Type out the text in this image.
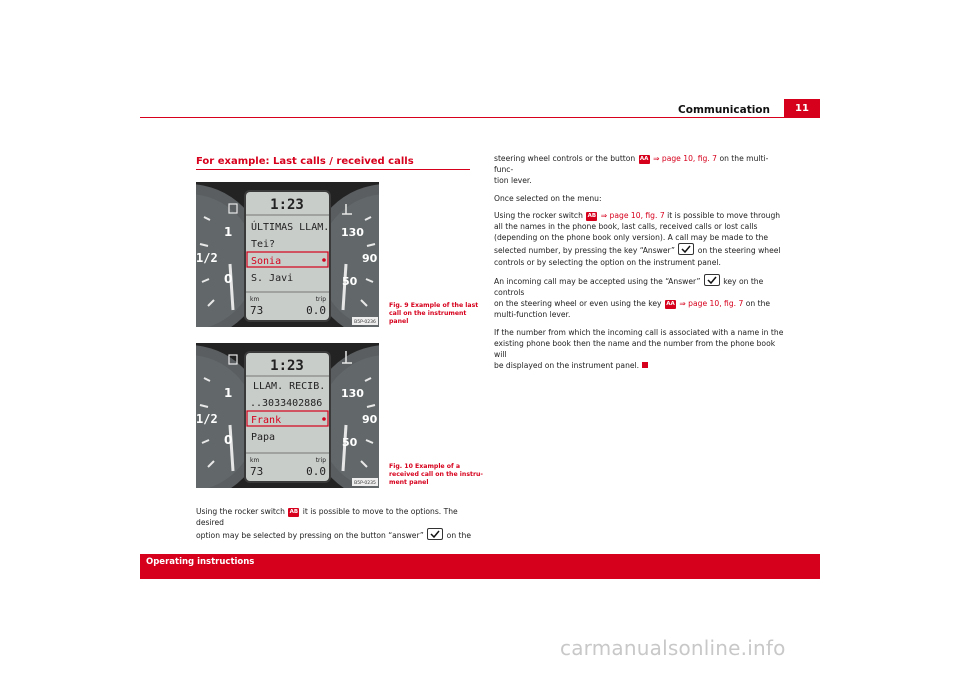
Communication	11
For example: Last calls / received calls
1/2
1
0
130
90
50
1:23
ÚLTIMAS LLAM.
Tei?
Sonia
S. Javi
km	trip
73	0.0
B5P-0236
Fig. 9 Example of the last
call on the instrument
panel
1/2
1
0
130
90
50
1:23
LLAM. RECIB.
..3033402886
Frank
Papa
km	trip
73	0.0
B5P-0235
Fig. 10 Example of a
received call on the instru-
ment panel
Using the rocker switch AB it is possible to move to the options. The desired
option may be selected by pressing on the button “answer”	on the
steering wheel controls or the button AA ⇒ page 10, fig. 7 on the multi-func-
tion lever.
Once selected on the menu:
Using the rocker switch AB ⇒ page 10, fig. 7 it is possible to move through
all the names in the phone book, last calls, received calls or lost calls
(depending on the phone book only version). A call may be made to the
selected number, by pressing the key “Answer”	on the steering wheel
controls or by selecting the option on the instrument panel.
An incoming call may be accepted using the “Answer”	key on the controls
on the steering wheel or even using the key AA ⇒ page 10, fig. 7 on the
multi-function lever.
If the number from which the incoming call is associated with a name in the
existing phone book then the name and the number from the phone book will
be displayed on the instrument panel.
Operating instructions
carmanualsonline.info
